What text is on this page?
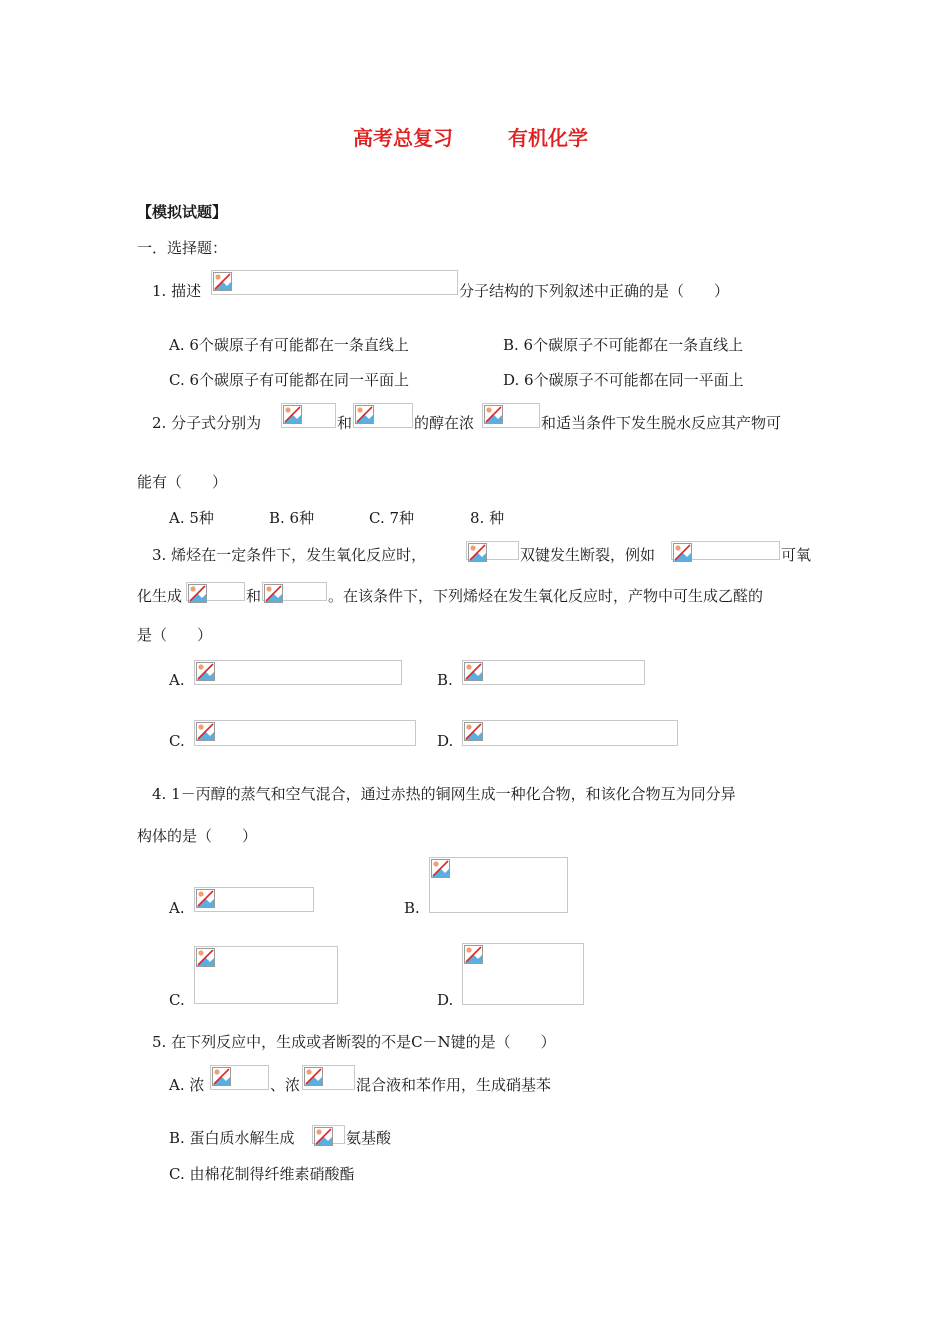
高考总复习	有机化学
【模拟试题】
一．选择题：
1. 描述	分子结构的下列叙述中正确的是（　　）
A. 6个碳原子有可能都在一条直线上	B. 6个碳原子不可能都在一条直线上
C. 6个碳原子有可能都在同一平面上	D. 6个碳原子不可能都在同一平面上
2. 分子式分别为	和	的醇在浓	和适当条件下发生脱水反应其产物可
能有（　　）
A. 5种	B. 6种	C. 7种	8. 种
3. 烯烃在一定条件下，发生氧化反应时，	双键发生断裂，例如	可氧
化生成	和	。在该条件下，下列烯烃在发生氧化反应时，产物中可生成乙醛的
是（　　）
A.	B.
C.	D.
4. 1－丙醇的蒸气和空气混合，通过赤热的铜网生成一种化合物，和该化合物互为同分异
构体的是（　　）
A.	B.
C.	D.
5. 在下列反应中，生成或者断裂的不是C－N键的是（　　）
A. 浓	、浓	混合液和苯作用，生成硝基苯
B. 蛋白质水解生成	氨基酸
C. 由棉花制得纤维素硝酸酯
